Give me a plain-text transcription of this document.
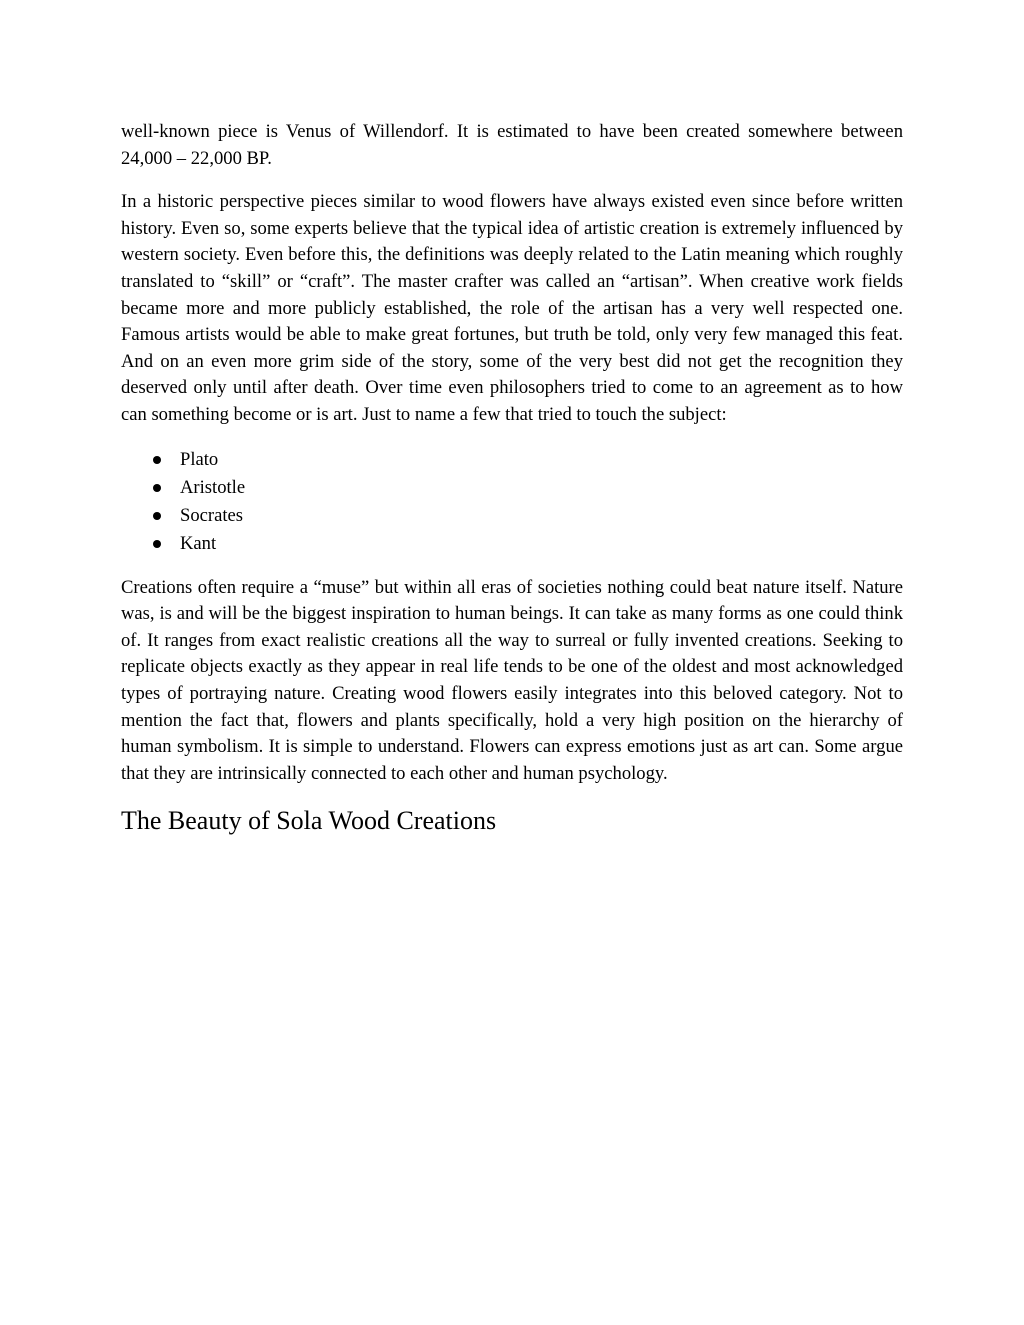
well-known piece is Venus of Willendorf. It is estimated to have been created somewhere between 24,000 – 22,000 BP.

In a historic perspective pieces similar to wood flowers have always existed even since before written history. Even so, some experts believe that the typical idea of artistic creation is extremely influenced by western society. Even before this, the definitions was deeply related to the Latin meaning which roughly translated to “skill” or “craft”. The master crafter was called an “artisan”. When creative work fields became more and more publicly established, the role of the artisan has a very well respected one. Famous artists would be able to make great fortunes, but truth be told, only very few managed this feat. And on an even more grim side of the story, some of the very best did not get the recognition they deserved only until after death. Over time even philosophers tried to come to an agreement as to how can something become or is art. Just to name a few that tried to touch the subject:

Plato
Aristotle
Socrates
Kant

Creations often require a “muse” but within all eras of societies nothing could beat nature itself. Nature was, is and will be the biggest inspiration to human beings. It can take as many forms as one could think of. It ranges from exact realistic creations all the way to surreal or fully invented creations. Seeking to replicate objects exactly as they appear in real life tends to be one of the oldest and most acknowledged types of portraying nature. Creating wood flowers easily integrates into this beloved category. Not to mention the fact that, flowers and plants specifically, hold a very high position on the hierarchy of human symbolism. It is simple to understand. Flowers can express emotions just as art can. Some argue that they are intrinsically connected to each other and human psychology.

The Beauty of Sola Wood Creations
